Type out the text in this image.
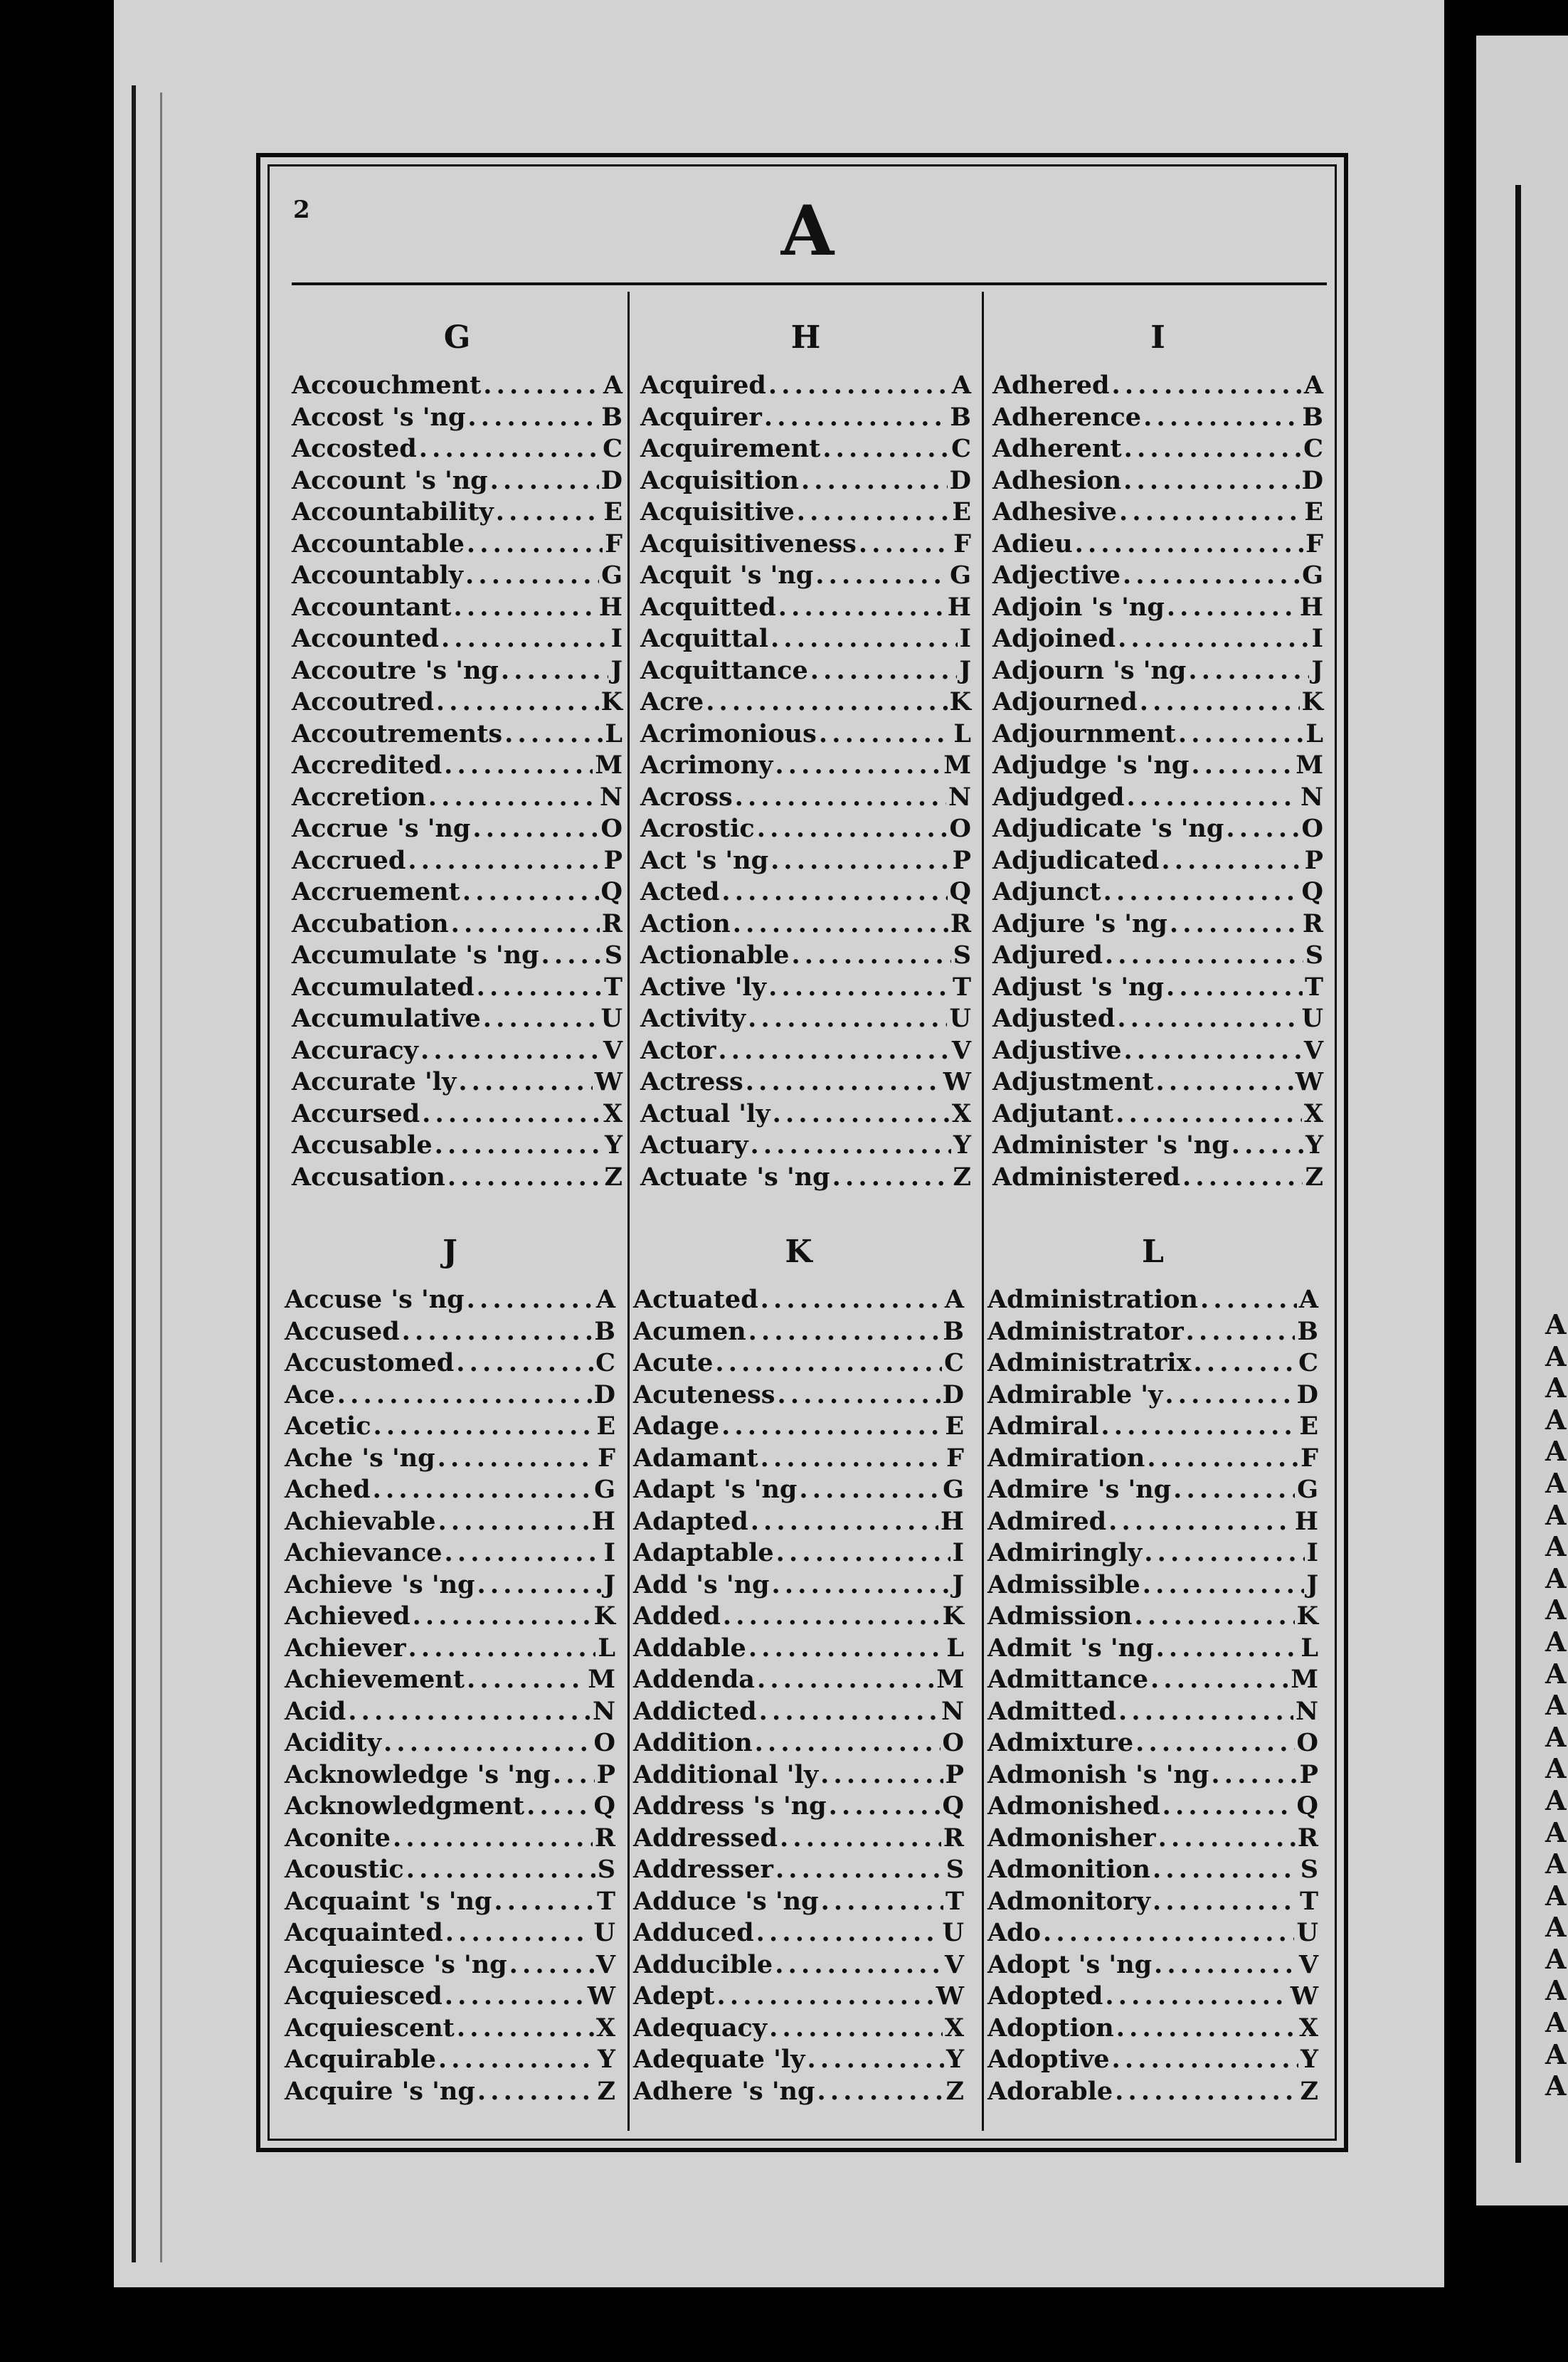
A
A
A
A
A
A
A
A
A
A
A
A
A
A
A
A
A
A
A
A
A
A
A
A
A
2	A
G
Accouchment . . .	A
Accost 's 'ng . . .	B
Accosted . . .	C
Account 's 'ng . . .	D
Accountability . . .	E
Accountable . . .	F
Accountably . . .	G
Accountant . . .	H
Accounted . . .	I
Accoutre 's 'ng . . .	J
Accoutred . . .	K
Accoutrements . . .	L
Accredited . . .	M
Accretion . . .	N
Accrue 's 'ng . . .	O
Accrued . . .	P
Accruement . . .	Q
Accubation . . .	R
Accumulate 's 'ng . . .	S
Accumulated . . .	T
Accumulative . . .	U
Accuracy . . .	V
Accurate 'ly . . .	W
Accursed . . .	X
Accusable . . .	Y
Accusation . . .	Z
H
Acquired . . .	A
Acquirer . . .	B
Acquirement . . .	C
Acquisition . . .	D
Acquisitive . . .	E
Acquisitiveness . . .	F
Acquit 's 'ng . . .	G
Acquitted . . .	H
Acquittal . . .	I
Acquittance . . .	J
Acre . . .	K
Acrimonious . . .	L
Acrimony . . .	M
Across . . .	N
Acrostic . . .	O
Act 's 'ng . . .	P
Acted . . .	Q
Action . . .	R
Actionable . . .	S
Active 'ly . . .	T
Activity . . .	U
Actor . . .	V
Actress . . .	W
Actual 'ly . . .	X
Actuary . . .	Y
Actuate 's 'ng . . .	Z
I
Adhered . . .	A
Adherence . . .	B
Adherent . . .	C
Adhesion . . .	D
Adhesive . . .	E
Adieu . . .	F
Adjective . . .	G
Adjoin 's 'ng . . .	H
Adjoined . . .	I
Adjourn 's 'ng . . .	J
Adjourned . . .	K
Adjournment . . .	L
Adjudge 's 'ng . . .	M
Adjudged . . .	N
Adjudicate 's 'ng . . .	O
Adjudicated . . .	P
Adjunct . . .	Q
Adjure 's 'ng . . .	R
Adjured . . .	S
Adjust 's 'ng . . .	T
Adjusted . . .	U
Adjustive . . .	V
Adjustment . . .	W
Adjutant . . .	X
Administer 's 'ng . . .	Y
Administered . . .	Z
J
Accuse 's 'ng . . .	A
Accused . . .	B
Accustomed . . .	C
Ace . . .	D
Acetic . . .	E
Ache 's 'ng . . .	F
Ached . . .	G
Achievable . . .	H
Achievance . . .	I
Achieve 's 'ng . . .	J
Achieved . . .	K
Achiever . . .	L
Achievement . . .	M
Acid . . .	N
Acidity . . .	O
Acknowledge 's 'ng . . . P
Acknowledgment . . .	Q
Aconite . . .	R
Acoustic . . .	S
Acquaint 's 'ng . . .	T
Acquainted . . .	U
Acquiesce 's 'ng . . .	V
Acquiesced . . .	W
Acquiescent . . .	X
Acquirable . . .	Y
Acquire 's 'ng . . .	Z
K
Actuated . . .	A
Acumen . . .	B
Acute . . .	C
Acuteness . . .	D
Adage . . .	E
Adamant . . .	F
Adapt 's 'ng . . .	G
Adapted . . .	H
Adaptable . . .	I
Add 's 'ng . . .	J
Added . . .	K
Addable . . .	L
Addenda . . .	M
Addicted . . .	N
Addition . . .	O
Additional 'ly . . .	P
Address 's 'ng . . .	Q
Addressed . . .	R
Addresser . . .	S
Adduce 's 'ng . . .	T
Adduced . . .	U
Adducible . . .	V
Adept . . .	W
Adequacy . . .	X
Adequate 'ly . . .	Y
Adhere 's 'ng . . .	Z
L
Administration . . .	A
Administrator . . .	B
Administratrix . . .	C
Admirable 'y . . .	D
Admiral . . .	E
Admiration . . .	F
Admire 's 'ng . . .	G
Admired . . .	H
Admiringly . . .	I
Admissible . . .	J
Admission . . .	K
Admit 's 'ng . . .	L
Admittance . . .	M
Admitted . . .	N
Admixture . . .	O
Admonish 's 'ng . . .	P
Admonished . . .	Q
Admonisher . . .	R
Admonition . . .	S
Admonitory . . .	T
Ado . . .	U
Adopt 's 'ng . . .	V
Adopted . . .	W
Adoption . . .	X
Adoptive . . .	Y
Adorable . . .	Z
